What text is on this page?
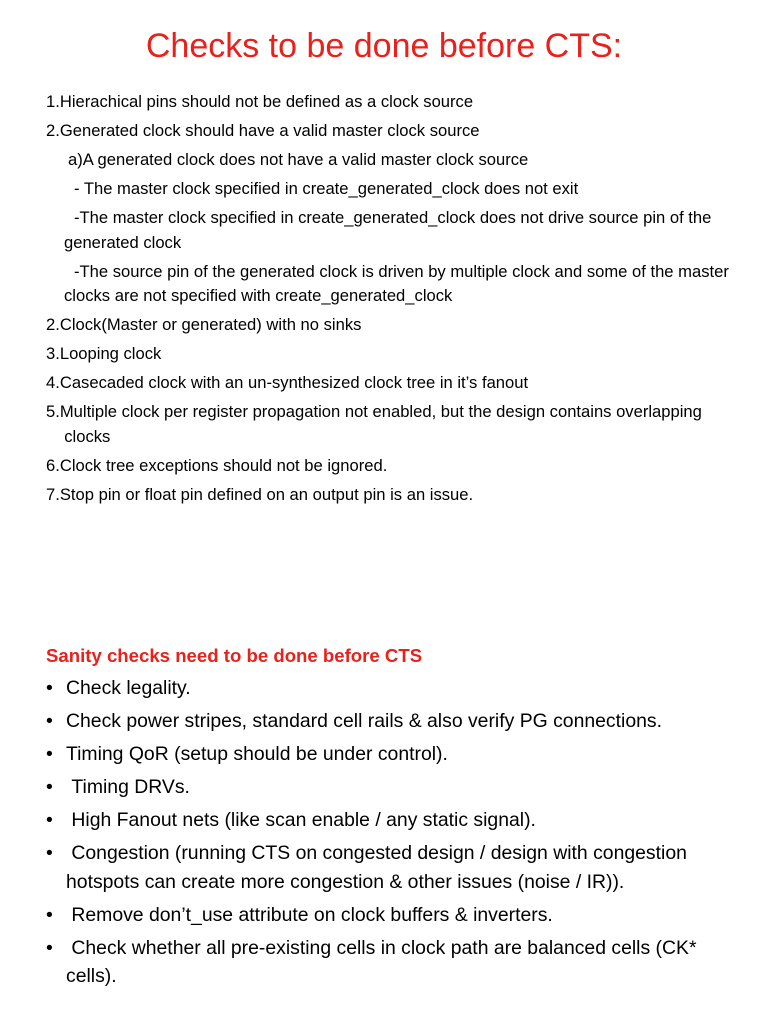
Checks to be done before CTS:
1.Hierachical pins should not be defined as a clock source
2.Generated clock should have a valid master clock source
a)A generated clock does not have a valid master clock source
- The master clock specified in create_generated_clock does not exit
-The master clock specified in create_generated_clock does not drive source pin of the generated clock
-The source pin of the generated clock is driven by multiple clock and some of the master clocks are not specified with create_generated_clock
2.Clock(Master or generated) with no sinks
3.Looping clock
4.Casecaded clock with an un-synthesized clock tree in it’s fanout
5.Multiple clock per register propagation not enabled, but the design contains overlapping clocks
6.Clock tree exceptions should not be ignored.
7.Stop pin or float pin defined on an output pin is an issue.
Sanity checks need to be done before CTS
• Check legality.
• Check power stripes, standard cell rails & also verify PG connections.
• Timing QoR (setup should be under control).
• Timing DRVs.
• High Fanout nets (like scan enable / any static signal).
• Congestion (running CTS on congested design / design with congestion hotspots can create more congestion & other issues (noise / IR)).
• Remove don’t_use attribute on clock buffers & inverters.
• Check whether all pre-existing cells in clock path are balanced cells (CK* cells).
